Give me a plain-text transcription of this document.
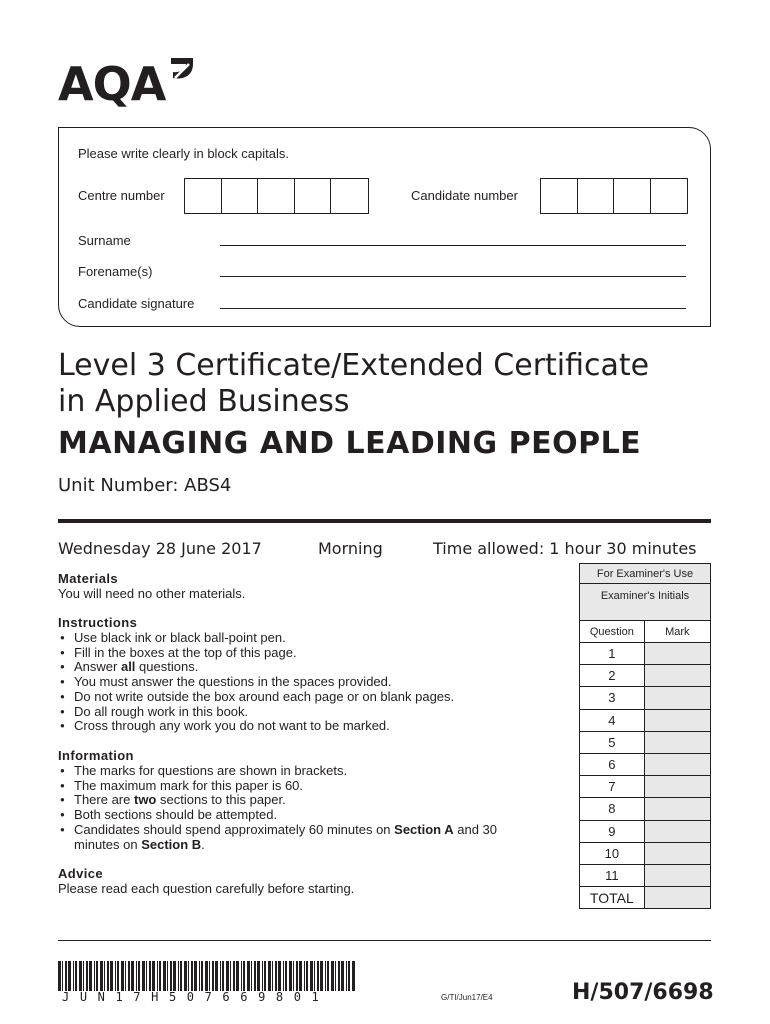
AQA
Please write clearly in block capitals.
Centre number	Candidate number
Surname
Forename(s)
Candidate signature
Level 3 Certificate/Extended Certificate
in Applied Business
MANAGING AND LEADING PEOPLE
Unit Number: ABS4
Wednesday 28 June 2017	Morning	Time allowed: 1 hour 30 minutes
Materials
You will need no other materials.
Instructions
● Use black ink or black ball-point pen.
● Fill in the boxes at the top of this page.
● Answer all questions.
● You must answer the questions in the spaces provided.
● Do not write outside the box around each page or on blank pages.
● Do all rough work in this book.
● Cross through any work you do not want to be marked.
Information
● The marks for questions are shown in brackets.
● The maximum mark for this paper is 60.
● There are two sections to this paper.
● Both sections should be attempted.
● Candidates should spend approximately 60 minutes on Section A and 30 minutes on Section B.
Advice
Please read each question carefully before starting.
For Examiner's Use	
Examiner's Initials	
Question	Mark
1	
2	
3	
4	
5	
6	
7	
8	
9	
10	
11	
TOTAL	
JUN17H507669801	G/TI/Jun17/E4	H/507/6698
